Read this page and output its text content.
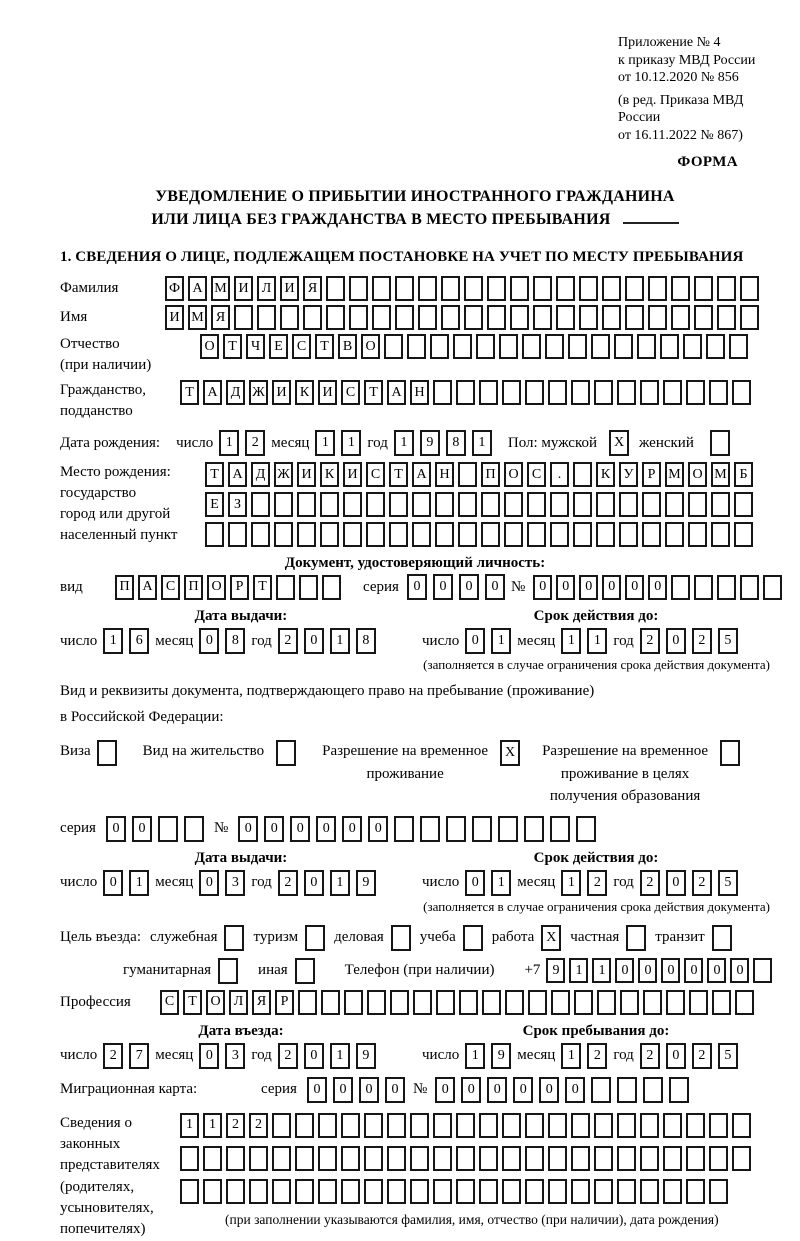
Приложение № 4
к приказу МВД России
от 10.12.2020 № 856
(в ред. Приказа МВД России
от 16.11.2022 № 867)
ФОРМА
УВЕДОМЛЕНИЕ О ПРИБЫТИИ ИНОСТРАННОГО ГРАЖДАНИНА
ИЛИ ЛИЦА БЕЗ ГРАЖДАНСТВА В МЕСТО ПРЕБЫВАНИЯ
1. СВЕДЕНИЯ О ЛИЦЕ, ПОДЛЕЖАЩЕМ ПОСТАНОВКЕ НА УЧЕТ ПО МЕСТУ ПРЕБЫВАНИЯ
Фамилия	Ф А М И Л И Я
Имя	И М Я
Отчество
(при наличии)
О Т	Ч	Е	С	Т	В О
Гражданство,
подданство
Т А Д Ж И К И С	Т А Н
Дата рождения: число 1	2 месяц 1	1 год 1	9	8	1	Пол: мужской	X женский
Место рождения:
государство
город или другой
населенный пункт
Т А Д Ж И К И С	Т А Н	П О С	.	К У	Р М О М Б
Е	З
Документ, удостоверяющий личность:
вид	П А С П О	Р	Т	серия	0	0	0	0 №	0	0	0	0	0	0
Дата выдачи:
число 1	6 месяц 0	8 год 2	0	1	8
Срок действия до:
число 0	1 месяц 1	1 год 2	0	2	5
(заполняется в случае ограничения срока действия документа)
Вид и реквизиты документа, подтверждающего право на пребывание (проживание)
в Российской Федерации:
Виза	Вид на жительство	Разрешение на временное
проживание
X	Разрешение на временное
проживание в целях
получения образования
серия	0	0	№	0	0	0	0	0	0
Дата выдачи:
число 0	1 месяц 0	3 год 2	0	1	9
Срок действия до:
число 0	1 месяц 1	2 год 2	0	2	5
(заполняется в случае ограничения срока действия документа)
Цель въезда: служебная туризм деловая учеба работа X частная транзит
гуманитарная	иная	Телефон (при наличии) +7 9	1	1	0	0	0	0	0	0
Профессия	С	Т О Л Я	Р
Дата въезда:
число 2	7 месяц 0	3 год 2	0	1	9
Срок пребывания до:
число 1	9 месяц 1	2 год 2	0	2	5
Миграционная карта:	серия	0	0	0	0 №	0	0	0	0	0	0
Сведения о
законных
представителях
(родителях,
усыновителях,
попечителях)
1	1	2	2
(при заполнении указываются фамилия, имя, отчество (при наличии), дата рождения)
